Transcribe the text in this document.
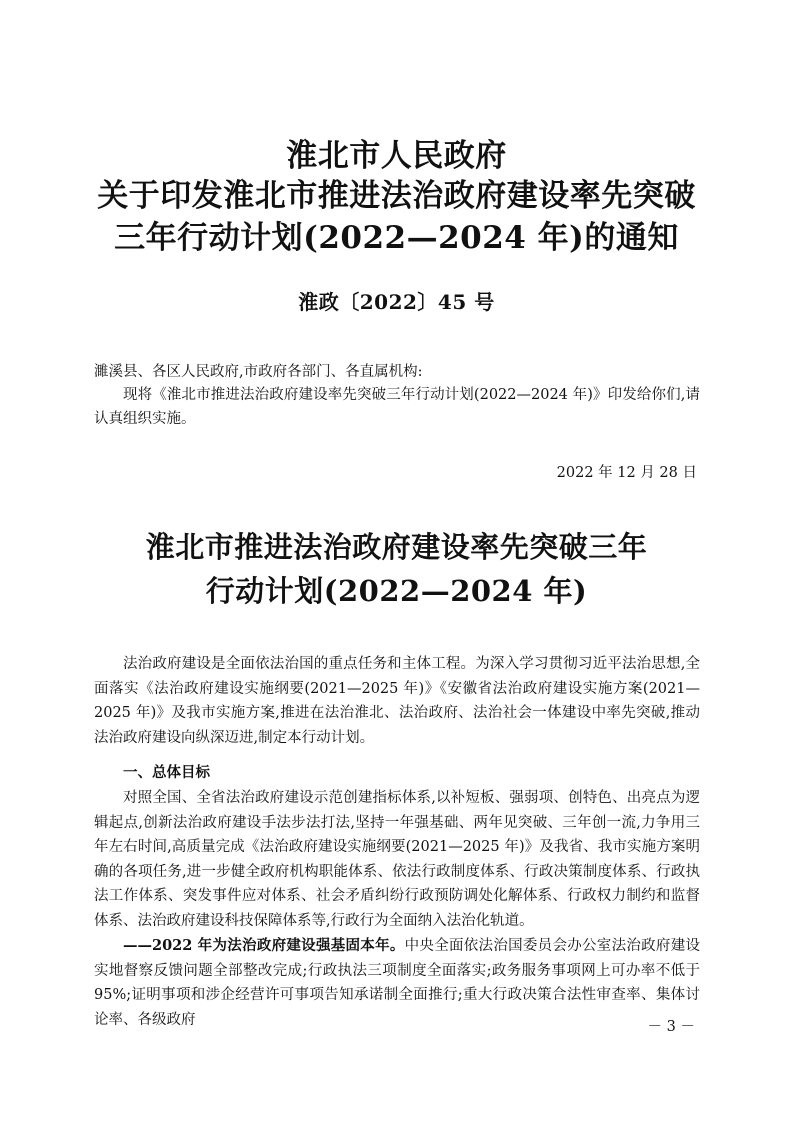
淮北市人民政府
关于印发淮北市推进法治政府建设率先突破
三年行动计划(2022—2024 年)的通知
淮政〔2022〕45 号
濉溪县、各区人民政府,市政府各部门、各直属机构:
现将《淮北市推进法治政府建设率先突破三年行动计划(2022—2024 年)》印发给你们,请认真组织实施。
2022 年 12 月 28 日
淮北市推进法治政府建设率先突破三年
行动计划(2022—2024 年)
法治政府建设是全面依法治国的重点任务和主体工程。为深入学习贯彻习近平法治思想,全面落实《法治政府建设实施纲要(2021—2025 年)》《安徽省法治政府建设实施方案(2021—2025 年)》及我市实施方案,推进在法治淮北、法治政府、法治社会一体建设中率先突破,推动法治政府建设向纵深迈进,制定本行动计划。
一、总体目标
对照全国、全省法治政府建设示范创建指标体系,以补短板、强弱项、创特色、出亮点为逻辑起点,创新法治政府建设手法步法打法,坚持一年强基础、两年见突破、三年创一流,力争用三年左右时间,高质量完成《法治政府建设实施纲要(2021—2025 年)》及我省、我市实施方案明确的各项任务,进一步健全政府机构职能体系、依法行政制度体系、行政决策制度体系、行政执法工作体系、突发事件应对体系、社会矛盾纠纷行政预防调处化解体系、行政权力制约和监督体系、法治政府建设科技保障体系等,行政行为全面纳入法治化轨道。
——2022 年为法治政府建设强基固本年。中央全面依法治国委员会办公室法治政府建设实地督察反馈问题全部整改完成;行政执法三项制度全面落实;政务服务事项网上可办率不低于 95%;证明事项和涉企经营许可事项告知承诺制全面推行;重大行政决策合法性审查率、集体讨论率、各级政府	－ 3 －
